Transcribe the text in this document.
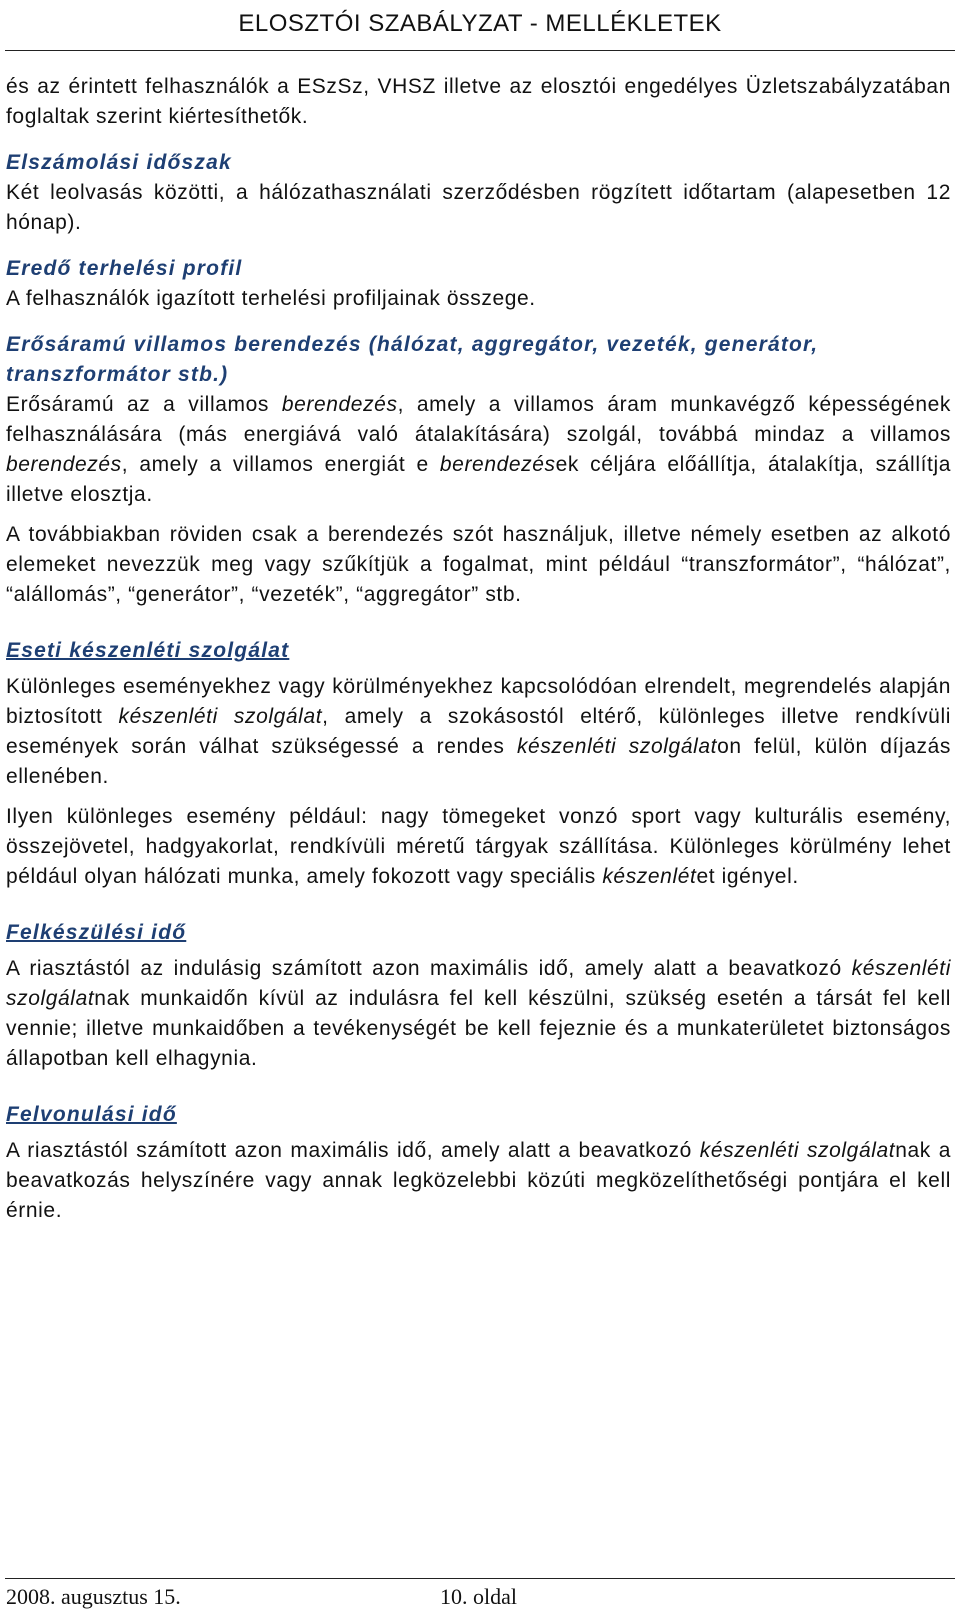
ELOSZTÓI SZABÁLYZAT - MELLÉKLETEK

és az érintett felhasználók a ESzSz, VHSZ illetve az elosztói engedélyes Üzletszabályzatában foglaltak szerint kiértesíthetők.

Elszámolási időszak

Két leolvasás közötti, a hálózathasználati szerződésben rögzített időtartam (alapesetben 12 hónap).

Eredő terhelési profil

A felhasználók igazított terhelési profiljainak összege.

Erősáramú villamos berendezés (hálózat, aggregátor, vezeték, generátor, transzformátor stb.)

Erősáramú az a villamos berendezés, amely a villamos áram munkavégző képességének felhasználására (más energiává való átalakítására) szolgál, továbbá mindaz a villamos berendezés, amely a villamos energiát e berendezések céljára előállítja, átalakítja, szállítja illetve elosztja.

A továbbiakban röviden csak a berendezés szót használjuk, illetve némely esetben az alkotó elemeket nevezzük meg vagy szűkítjük a fogalmat, mint például “transzformátor”, “hálózat”, “alállomás”, “generátor”, “vezeték”, “aggregátor” stb.

Eseti készenléti szolgálat

Különleges eseményekhez vagy körülményekhez kapcsolódóan elrendelt, megrendelés alapján biztosított készenléti szolgálat, amely a szokásostól eltérő, különleges illetve rendkívüli események során válhat szükségessé a rendes készenléti szolgálaton felül, külön díjazás ellenében.

Ilyen különleges esemény például: nagy tömegeket vonzó sport vagy kulturális esemény, összejövetel, hadgyakorlat, rendkívüli méretű tárgyak szállítása. Különleges körülmény lehet például olyan hálózati munka, amely fokozott vagy speciális készenlétet igényel.

Felkészülési idő

A riasztástól az indulásig számított azon maximális idő, amely alatt a beavatkozó készenléti szolgálatnak munkaidőn kívül az indulásra fel kell készülni, szükség esetén a társát fel kell vennie; illetve munkaidőben a tevékenységét be kell fejeznie és a munkaterületet biztonságos állapotban kell elhagynia.

Felvonulási idő

A riasztástól számított azon maximális idő, amely alatt a beavatkozó készenléti szolgálatnak a beavatkozás helyszínére vagy annak legközelebbi közúti megközelíthetőségi pontjára el kell érnie.

2008. augusztus 15.	10. oldal
